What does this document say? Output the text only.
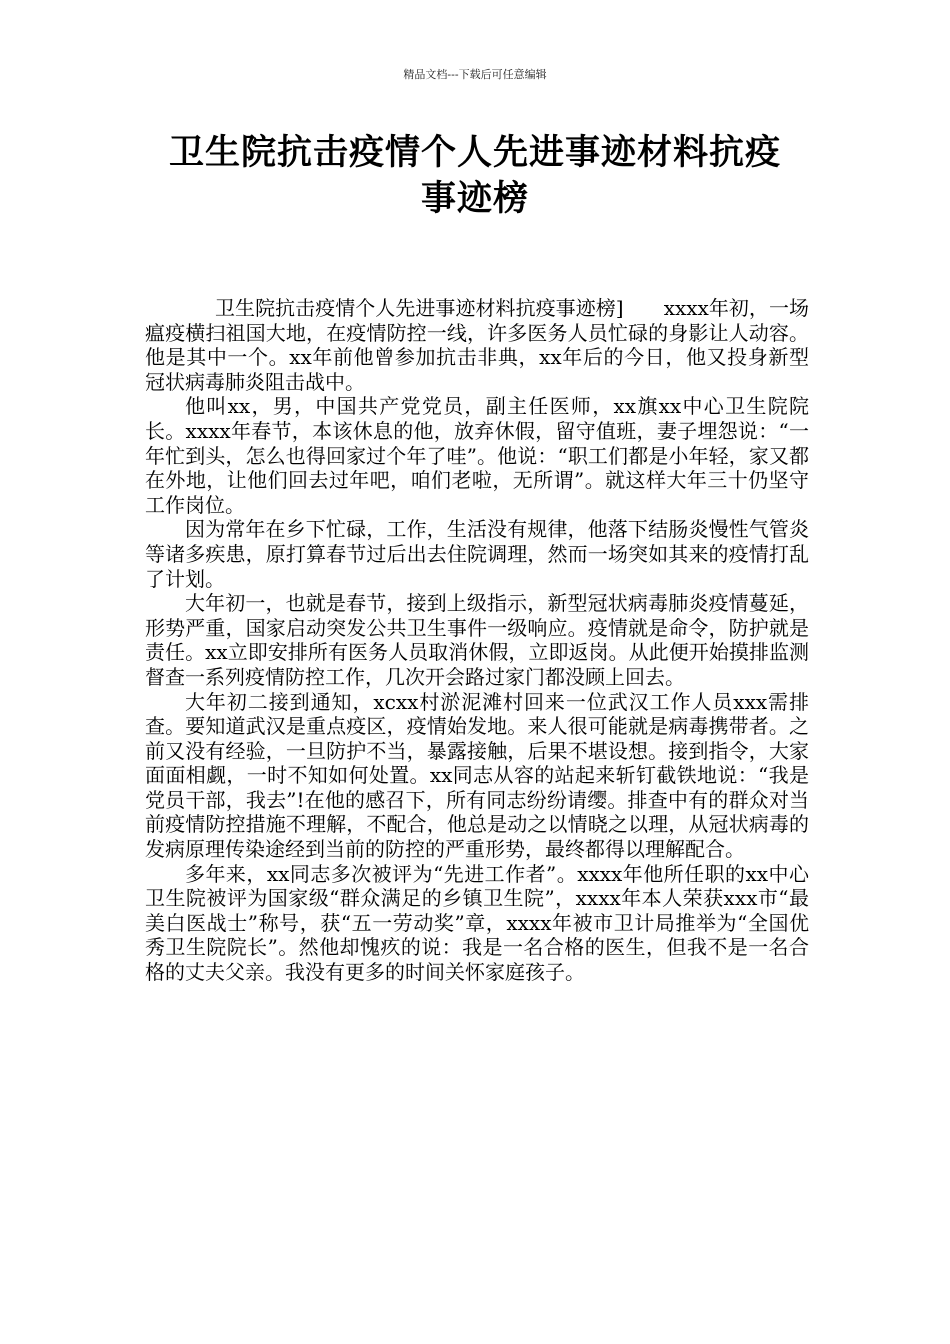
精品文档---下载后可任意编辑
卫生院抗击疫情个人先进事迹材料抗疫
事迹榜

卫生院抗击疫情个人先进事迹材料抗疫事迹榜]　　xxxx年初，一场瘟疫横扫祖国大地，在疫情防控一线，许多医务人员忙碌的身影让人动容。他是其中一个。xx年前他曾参加抗击非典，xx年后的今日，他又投身新型冠状病毒肺炎阻击战中。

他叫xx，男，中国共产党党员，副主任医师，xx旗xx中心卫生院院长。xxxx年春节，本该休息的他，放弃休假，留守值班，妻子埋怨说：“一年忙到头，怎么也得回家过个年了哇”。他说：“职工们都是小年轻，家又都在外地，让他们回去过年吧，咱们老啦，无所谓”。就这样大年三十仍坚守工作岗位。

因为常年在乡下忙碌，工作，生活没有规律，他落下结肠炎慢性气管炎等诸多疾患，原打算春节过后出去住院调理，然而一场突如其来的疫情打乱了计划。

大年初一，也就是春节，接到上级指示，新型冠状病毒肺炎疫情蔓延，形势严重，国家启动突发公共卫生事件一级响应。疫情就是命令，防护就是责任。xx立即安排所有医务人员取消休假，立即返岗。从此便开始摸排监测督查一系列疫情防控工作，几次开会路过家门都没顾上回去。

大年初二接到通知，xcxx村淤泥滩村回来一位武汉工作人员xxx需排查。要知道武汉是重点疫区，疫情始发地。来人很可能就是病毒携带者。之前又没有经验，一旦防护不当，暴露接触，后果不堪设想。接到指令，大家面面相觑，一时不知如何处置。xx同志从容的站起来斩钉截铁地说：“我是党员干部，我去”!在他的感召下，所有同志纷纷请缨。排查中有的群众对当前疫情防控措施不理解，不配合，他总是动之以情晓之以理，从冠状病毒的发病原理传染途经到当前的防控的严重形势，最终都得以理解配合。

多年来，xx同志多次被评为“先进工作者”。xxxx年他所任职的xx中心卫生院被评为国家级“群众满足的乡镇卫生院”，xxxx年本人荣获xxx市“最美白医战士”称号，获“五一劳动奖”章，xxxx年被市卫计局推举为“全国优秀卫生院院长”。然他却愧疚的说：我是一名合格的医生，但我不是一名合格的丈夫父亲。我没有更多的时间关怀家庭孩子。
